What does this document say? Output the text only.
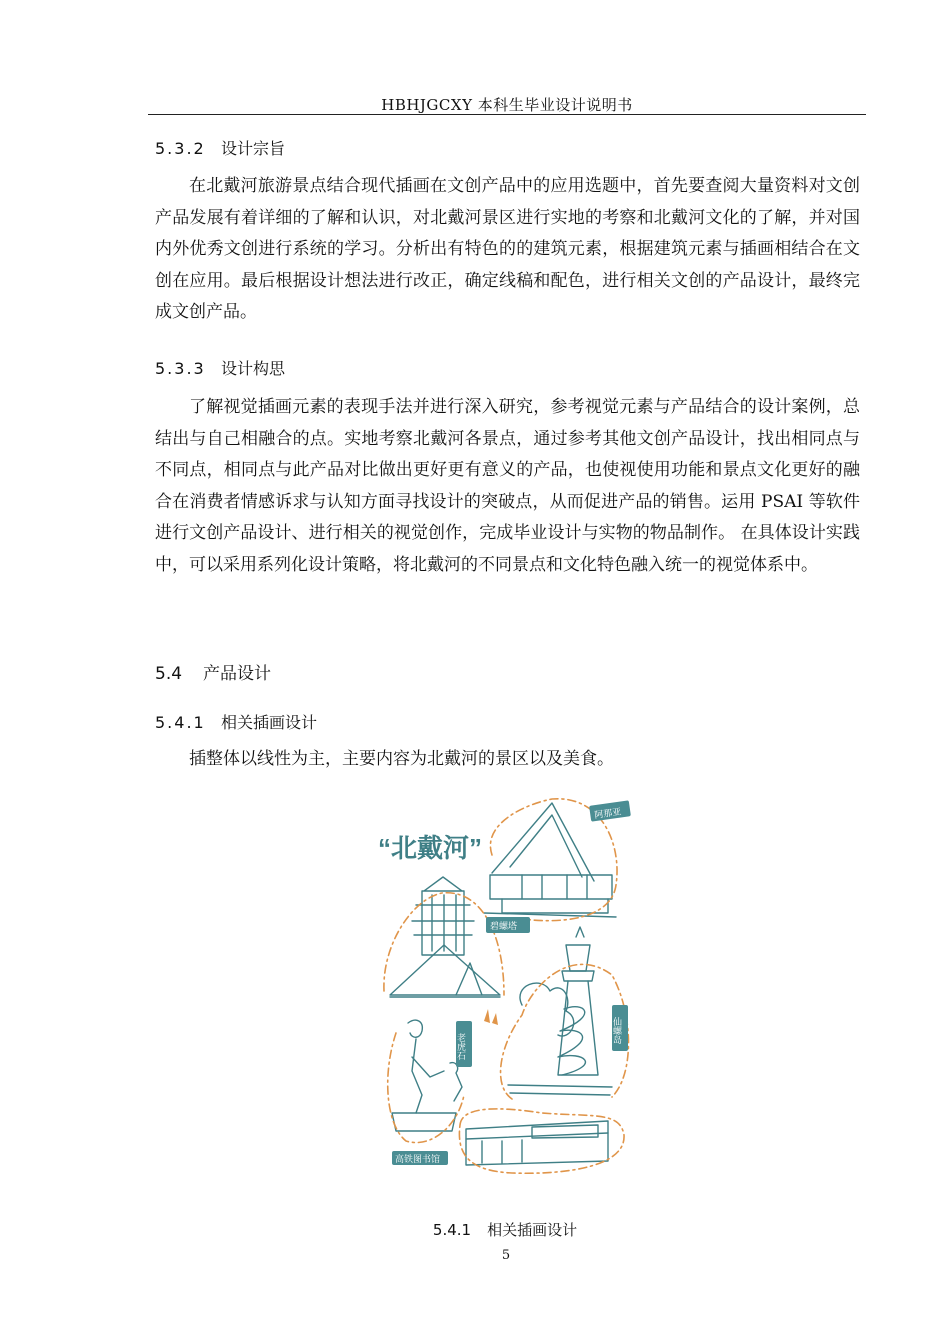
HBHJGCXY 本科生毕业设计说明书
5.3.2 设计宗旨
在北戴河旅游景点结合现代插画在文创产品中的应用选题中，首先要查阅大量资料对文创产品发展有着详细的了解和认识，对北戴河景区进行实地的考察和北戴河文化的了解，并对国内外优秀文创进行系统的学习。分析出有特色的的建筑元素，根据建筑元素与插画相结合在文创在应用。最后根据设计想法进行改正，确定线稿和配色，进行相关文创的产品设计，最终完成文创产品。
5.3.3 设计构思
了解视觉插画元素的表现手法并进行深入研究，参考视觉元素与产品结合的设计案例，总结出与自己相融合的点。实地考察北戴河各景点，通过参考其他文创产品设计，找出相同点与不同点，相同点与此产品对比做出更好更有意义的产品，也使视使用功能和景点文化更好的融合在消费者情感诉求与认知方面寻找设计的突破点，从而促进产品的销售。运用 PSAI 等软件进行文创产品设计、进行相关的视觉创作，完成毕业设计与实物的物品制作。 在具体设计实践中，可以采用系列化设计策略，将北戴河的不同景点和文化特色融入统一的视觉体系中。
5.4 产品设计
5.4.1 相关插画设计
插整体以线性为主，主要内容为北戴河的景区以及美食。
“北戴河”
阿那亚
碧螺塔
仙螺岛
老虎石
高铁图书馆
5.4.1 相关插画设计
5
